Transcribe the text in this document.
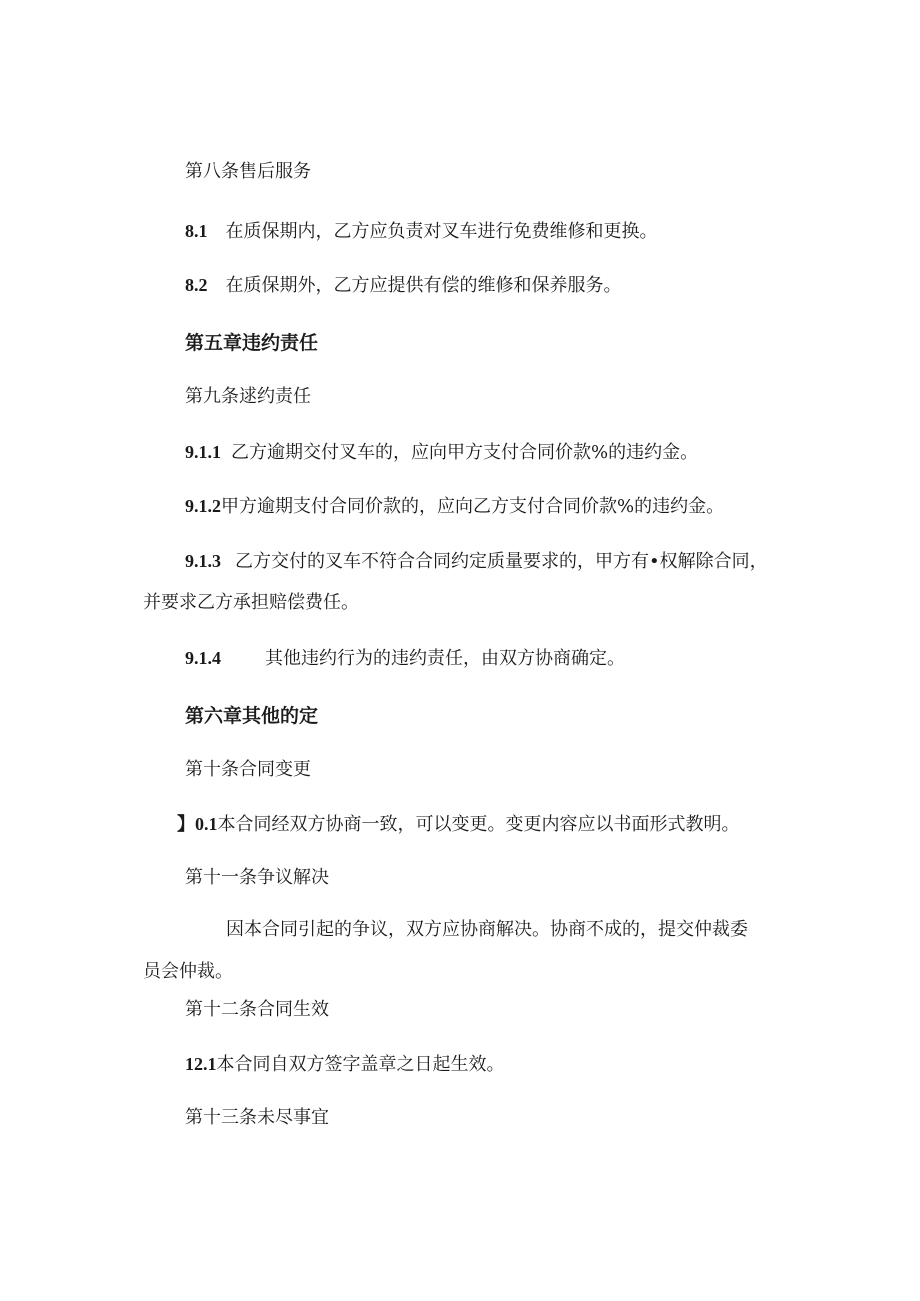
第八条售后服务
8.1 在质保期内，乙方应负责对叉车进行免费维修和更换。
8.2 在质保期外，乙方应提供有偿的维修和保养服务。
第五章违约责任
第九条逑约责任
9.1.1 乙方逾期交付叉车的，应向甲方支付合同价款%的违约金。
9.1.2甲方逾期支付合同价款的，应向乙方支付合同价款%的违约金。
9.1.3 乙方交付的叉车不符合合同约定质量要求的，甲方有•权解除合同，
并要求乙方承担赔偿费任。
9.1.4 其他违约行为的违约责任，由双方协商确定。
第六章其他的定
第十条合同变更
】0.1本合同经双方协商一致，可以变更。变更内容应以书面形式教明。
第十一条争议解决
因本合同引起的争议，双方应协商解决。协商不成的，提交仲裁委
员会仲裁。
第十二条合同生效
12.1本合同自双方签字盖章之日起生效。
第十三条未尽事宜
